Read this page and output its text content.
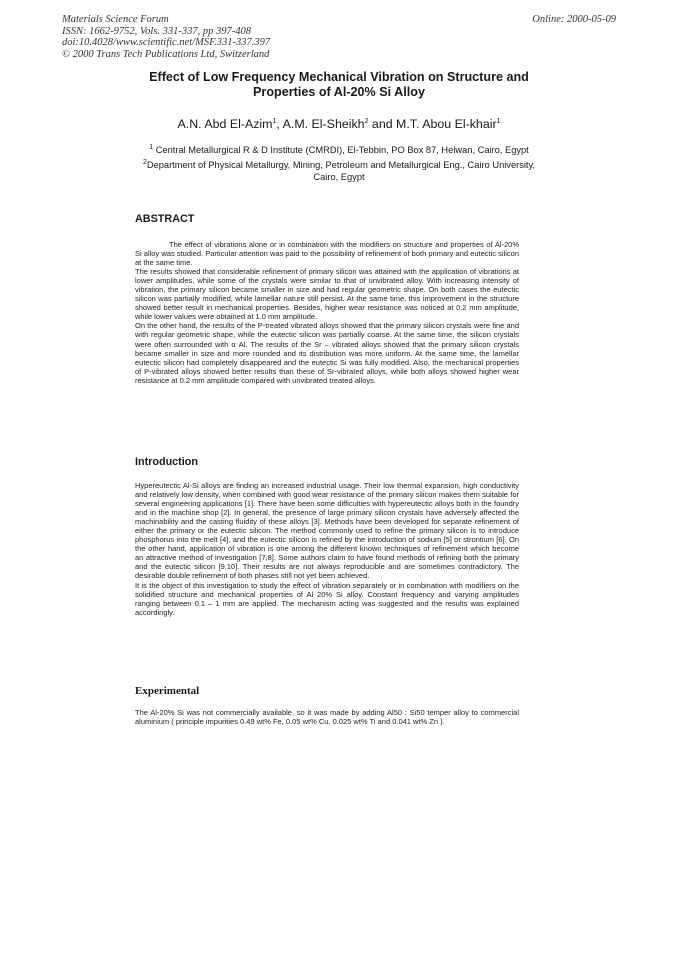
Materials Science Forum
ISSN: 1662-9752, Vols. 331-337, pp 397-408
doi:10.4028/www.scientific.net/MSF.331-337.397
© 2000 Trans Tech Publications Ltd, Switzerland
Online: 2000-05-09
Effect of Low Frequency Mechanical Vibration on Structure and
Properties of Al-20% Si Alloy
A.N. Abd El-Azim$^1$, A.M. El-Sheikh$^2$ and M.T. Abou El-khair$^1$
$^1$ Central Metallurgical R & D Institute (CMRDI), El-Tebbin, PO Box 87, Helwan, Cairo, Egypt
$^2$Department of Physical Metallurgy, Mining, Petroleum and Metallurgical Eng., Cairo University,
Cairo, Egypt
ABSTRACT

The effect of vibrations alone or in combination with the modifiers on structure and properties of Al-20% Si alloy was studied. Particular attention was paid to the possibility of refinement of both primary and eutectic silicon at the same time.

The results showed that considerable refinement of primary silicon was attained with the application of vibrations at lower amplitudes, while some of the crystals were similar to that of unvibrated alloy. With increasing intensity of vibration, the primary silicon became smaller in size and had regular geometric shape. On both cases the eutectic silicon was partially modified, while lamellar nature still persist. At the same time, this improvement in the structure showed better result in mechanical properties. Besides, higher wear resistance was noticed at 0.2 mm amplitude, while lower values were obtained at 1.0 mm amplitude.

On the other hand, the results of the P-treated vibrated alloys showed that the primary silicon crystals were fine and with regular geometric shape, while the eutectic silicon was partially coarse. At the same time, the silicon crystals were often surrounded with α Al. The results of the Sr – vibrated alloys showed that the primary silicon crystals became smaller in size and more rounded and its distribution was more uniform. At the same time, the lamellar eutectic silicon had completely disappeared and the eutectic Si was fully modified. Also, the mechanical properties of P-vibrated alloys showed better results than these of Sr-vibrated alloys, while both alloys showed higher wear resistance at 0.2 mm amplitude compared with unvibrated treated alloys.

Introduction

Hypereutectic Al-Si alloys are finding an increased industrial usage. Their low thermal expansion, high conductivity and relatively low density, when combined with good wear resistance of the primary silicon makes them suitable for several engineering applications [1]. There have been some difficulties with hypereutectic alloys both in the foundry and in the machine shop [2]. In general, the presence of large primary silicon crystals have adversely affected the machinability and the casting fluidity of these alloys [3]. Methods have been developed for separate refinement of either the primary or the eutectic silicon. The method commonly used to refine the primary silicon is to introduce phosphorus into the melt [4], and the eutectic silicon is refined by the introduction of sodium [5] or strontium [6]. On the other hand, application of vibration is one among the different known techniques of refinement which become an attractive method of investigation [7,8]. Some authors claim to have found methods of refining both the primary and the eutectic silicon [9,10]. Their results are not always reproducible and are sometimes contradictory. The desirable double refinement of both phases still not yet been achieved.

It is the object of this investigation to study the effect of vibration separately or in combination with modifiers on the solidified structure and mechanical properties of Al 20% Si alloy. Constant frequency and varying amplitudes ranging between 0.1 – 1 mm are applied. The mechanism acting was suggested and the results was explained accordingly.

Experimental

The Al-20% Si was not commercially available, so it was made by adding Al50 : Si50 temper alloy to commercial aluminium ( principle impurities 0.49 wt% Fe, 0.05 wt% Cu, 0.025 wt% Ti and 0.041 wt% Zn ).
